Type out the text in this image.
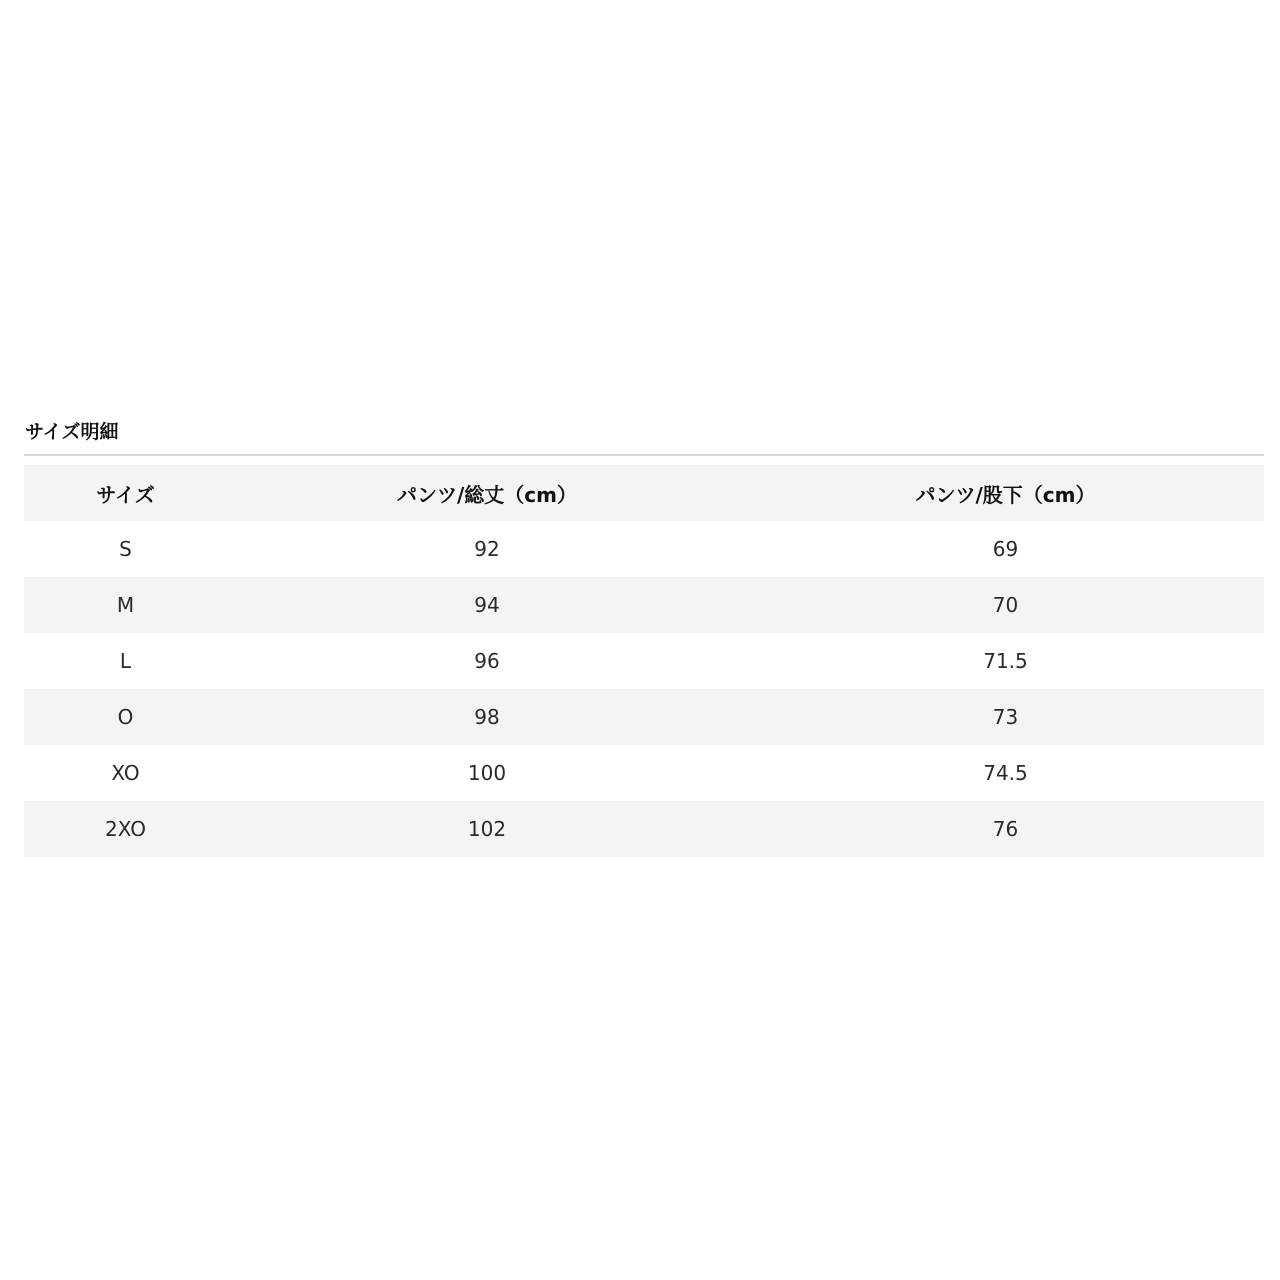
サイズ明細
サイズ	パンツ/総丈（cm）	パンツ/股下（cm）
S	92	69
M	94	70
L	96	71.5
O	98	73
XO	100	74.5
2XO	102	76
